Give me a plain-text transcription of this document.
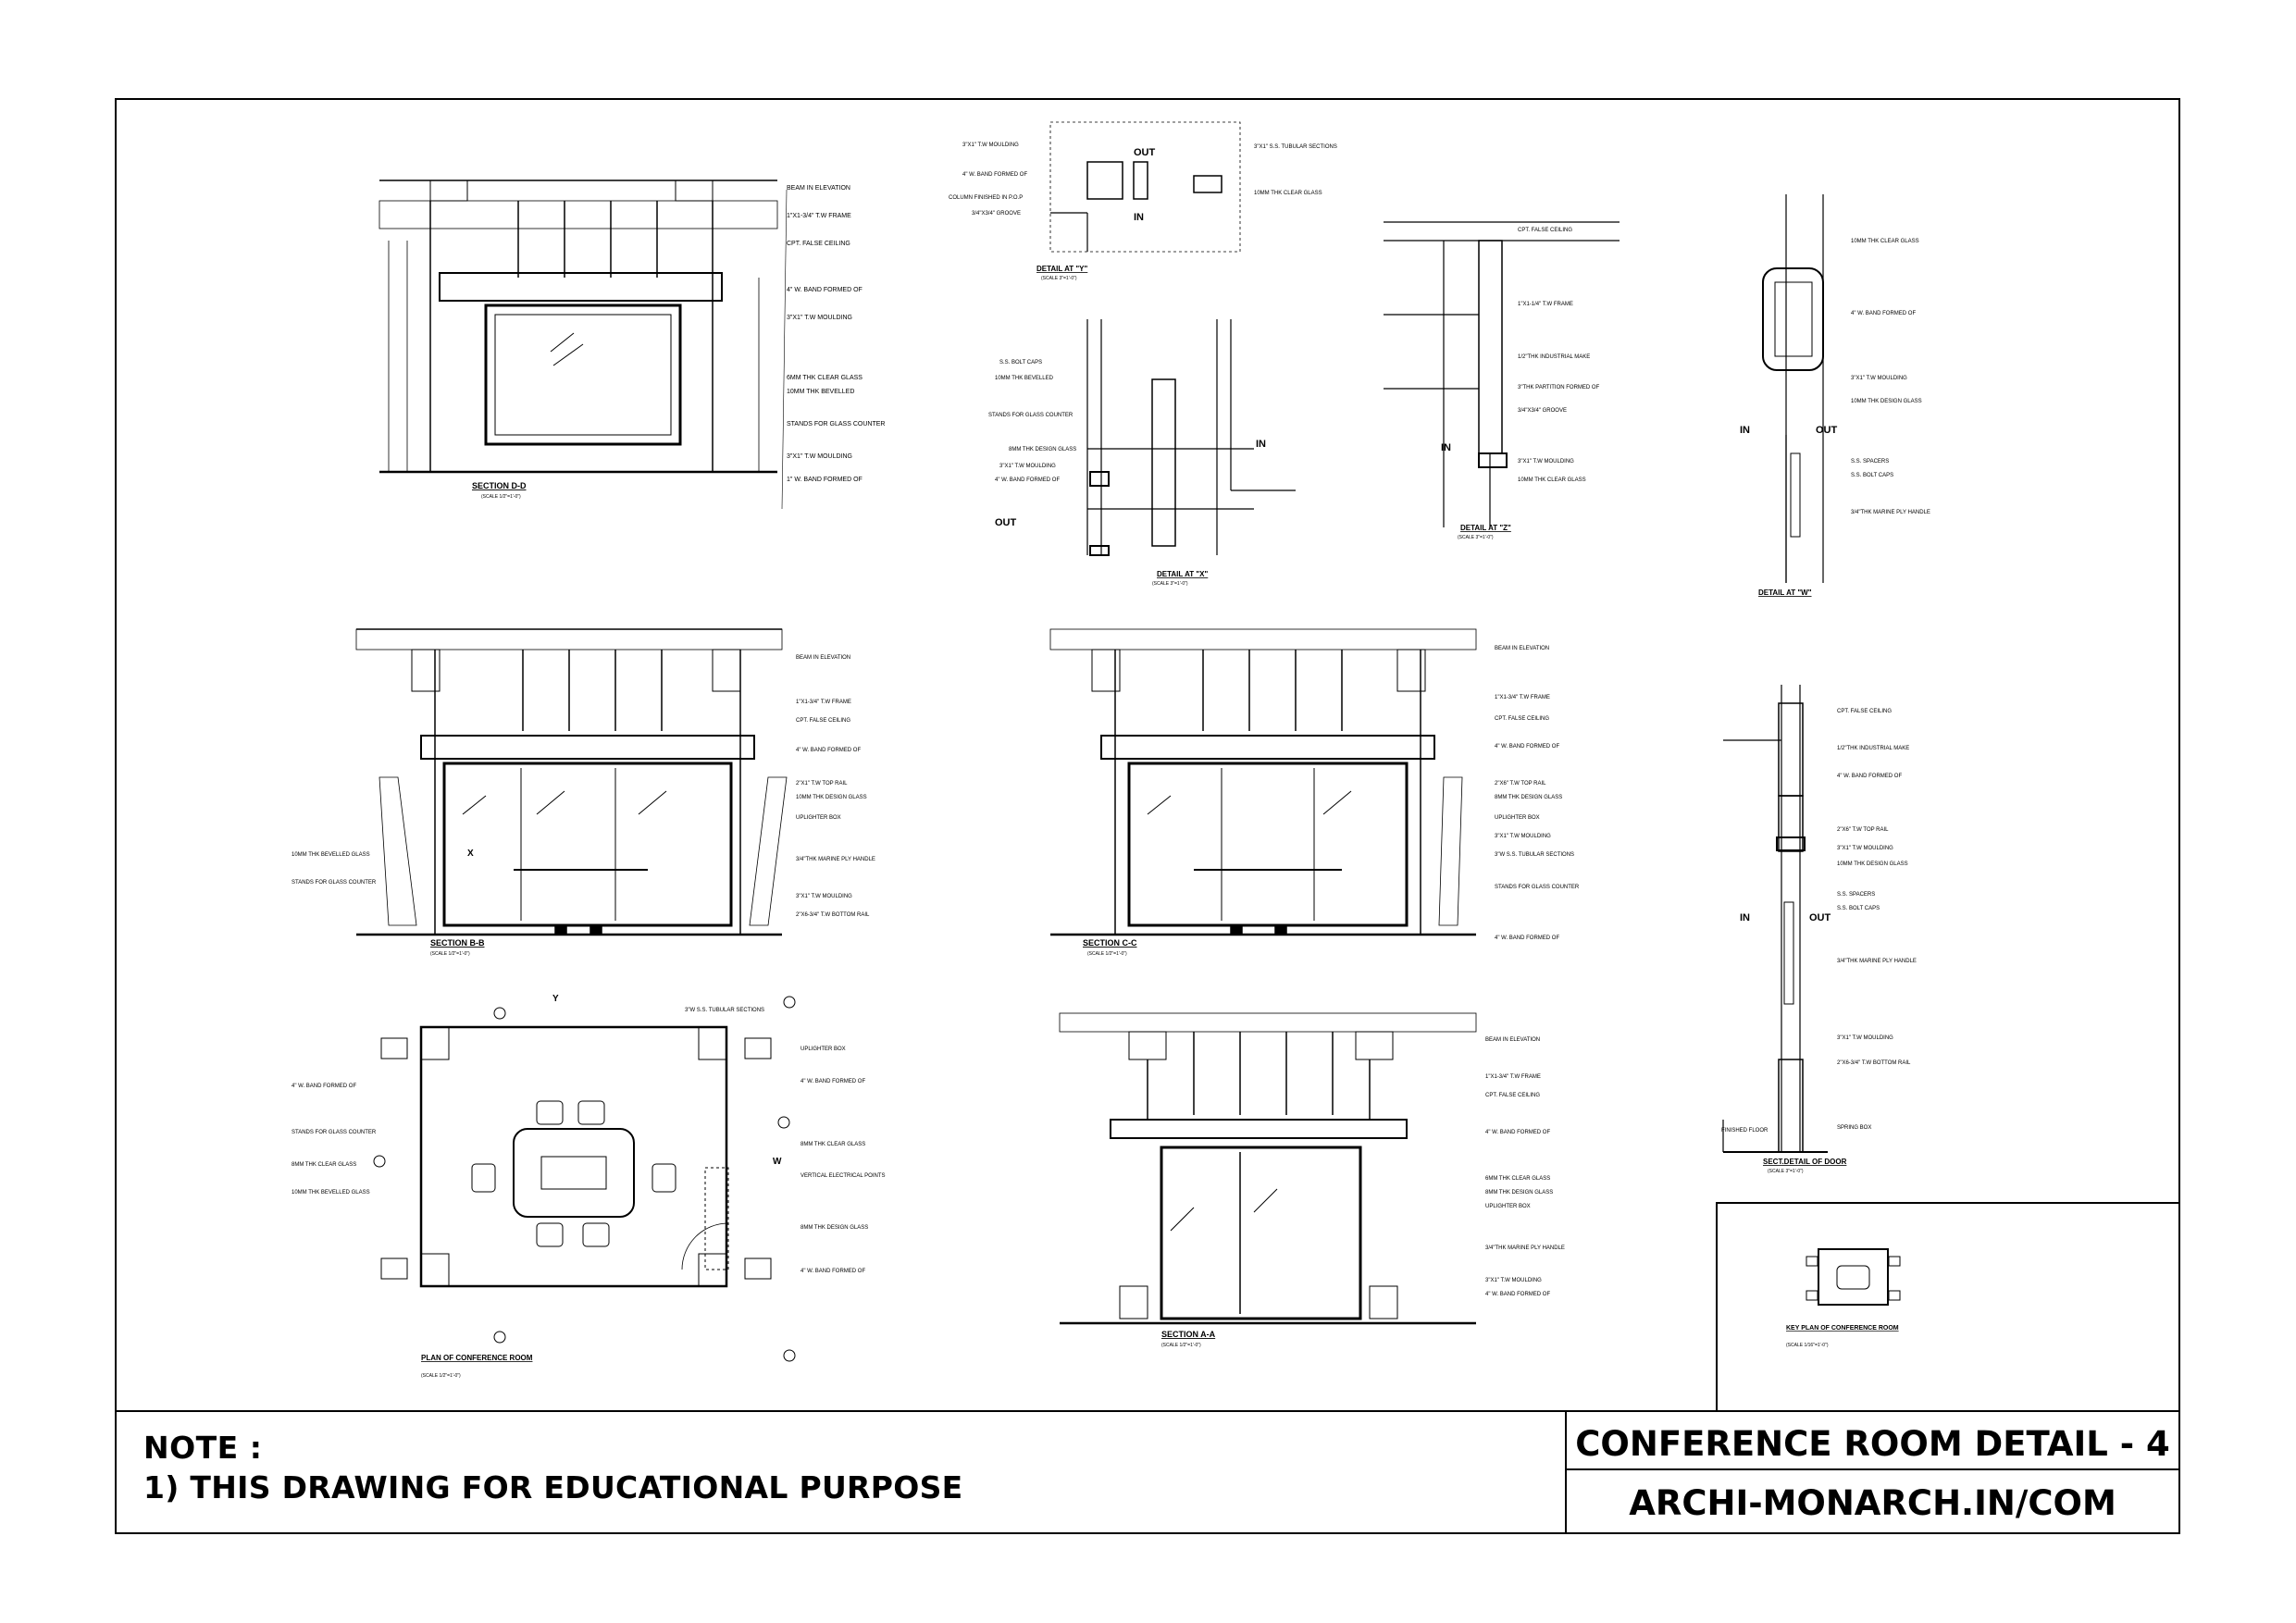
BEAM IN ELEVATION
1"X1-3/4" T.W FRAME
CPT. FALSE CEILING
4" W. BAND FORMED OF
3"X1" T.W MOULDING
6MM THK CLEAR GLASS
10MM THK BEVELLED
STANDS FOR GLASS COUNTER
3"X1" T.W MOULDING
1" W. BAND FORMED OF
SECTION D-D
(SCALE 1/2"=1'-0")
3"X1" T.W MOULDING
4" W. BAND FORMED OF
COLUMN FINISHED IN P.O.P
3/4"X3/4" GROOVE
3"X1" S.S. TUBULAR SECTIONS
10MM THK CLEAR GLASS
OUT
IN
DETAIL AT "Y"
(SCALE 3"=1'-0")
S.S. BOLT CAPS
10MM THK BEVELLED
STANDS FOR GLASS COUNTER
8MM THK DESIGN GLASS
3"X1" T.W MOULDING
4" W. BAND FORMED OF
IN
OUT
DETAIL AT "X"
(SCALE 3"=1'-0")
CPT. FALSE CEILING
1"X1-1/4" T.W FRAME
1/2"THK INDUSTRIAL MAKE
3"THK PARTITION FORMED OF
3/4"X3/4" GROOVE
3"X1" T.W MOULDING
10MM THK CLEAR GLASS
IN
DETAIL AT "Z"
(SCALE 3"=1'-0")
10MM THK CLEAR GLASS
4" W. BAND FORMED OF
3"X1" T.W MOULDING
10MM THK DESIGN GLASS
S.S. SPACERS
S.S. BOLT CAPS
3/4"THK MARINE PLY HANDLE
IN	OUT
DETAIL AT "W"
BEAM IN ELEVATION
1"X1-3/4" T.W FRAME
CPT. FALSE CEILING
4" W. BAND FORMED OF
2"X1" T.W TOP RAIL
10MM THK DESIGN GLASS
UPLIGHTER BOX
3/4"THK MARINE PLY HANDLE
3"X1" T.W MOULDING
2"X6-3/4" T.W BOTTOM RAIL
10MM THK BEVELLED GLASS
STANDS FOR GLASS COUNTER
X
SECTION B-B
(SCALE 1/2"=1'-0")
BEAM IN ELEVATION
1"X1-3/4" T.W FRAME
CPT. FALSE CEILING
4" W. BAND FORMED OF
2"X6" T.W TOP RAIL
8MM THK DESIGN GLASS
UPLIGHTER BOX
3"X1" T.W MOULDING
3"W S.S. TUBULAR SECTIONS
STANDS FOR GLASS COUNTER
4" W. BAND FORMED OF
SECTION C-C
(SCALE 1/2"=1'-0")
3"W S.S. TUBULAR SECTIONS
UPLIGHTER BOX
4" W. BAND FORMED OF
8MM THK CLEAR GLASS
VERTICAL ELECTRICAL POINTS
8MM THK DESIGN GLASS
4" W. BAND FORMED OF
4" W. BAND FORMED OF
STANDS FOR GLASS COUNTER
8MM THK CLEAR GLASS
10MM THK BEVELLED GLASS
Y
W
PLAN OF CONFERENCE ROOM
(SCALE 1/2"=1'-0")
BEAM IN ELEVATION
1"X1-3/4" T.W FRAME
CPT. FALSE CEILING
4" W. BAND FORMED OF
6MM THK CLEAR GLASS
8MM THK DESIGN GLASS
UPLIGHTER BOX
3/4"THK MARINE PLY HANDLE
3"X1" T.W MOULDING
4" W. BAND FORMED OF
SECTION A-A
(SCALE 1/2"=1'-0")
CPT. FALSE CEILING
1/2"THK INDUSTRIAL MAKE
4" W. BAND FORMED OF
2"X6" T.W TOP RAIL
3"X1" T.W MOULDING
10MM THK DESIGN GLASS
S.S. SPACERS
S.S. BOLT CAPS
3/4"THK MARINE PLY HANDLE
3"X1" T.W MOULDING
2"X6-3/4" T.W BOTTOM RAIL
SPRING BOX
FINISHED FLOOR
IN	OUT
SECT.DETAIL OF DOOR
(SCALE 3"=1'-0")
KEY PLAN OF CONFERENCE ROOM
(SCALE 1/16"=1'-0")
NOTE :
1) THIS DRAWING FOR EDUCATIONAL PURPOSE
CONFERENCE ROOM DETAIL - 4
ARCHI-MONARCH.IN/COM
